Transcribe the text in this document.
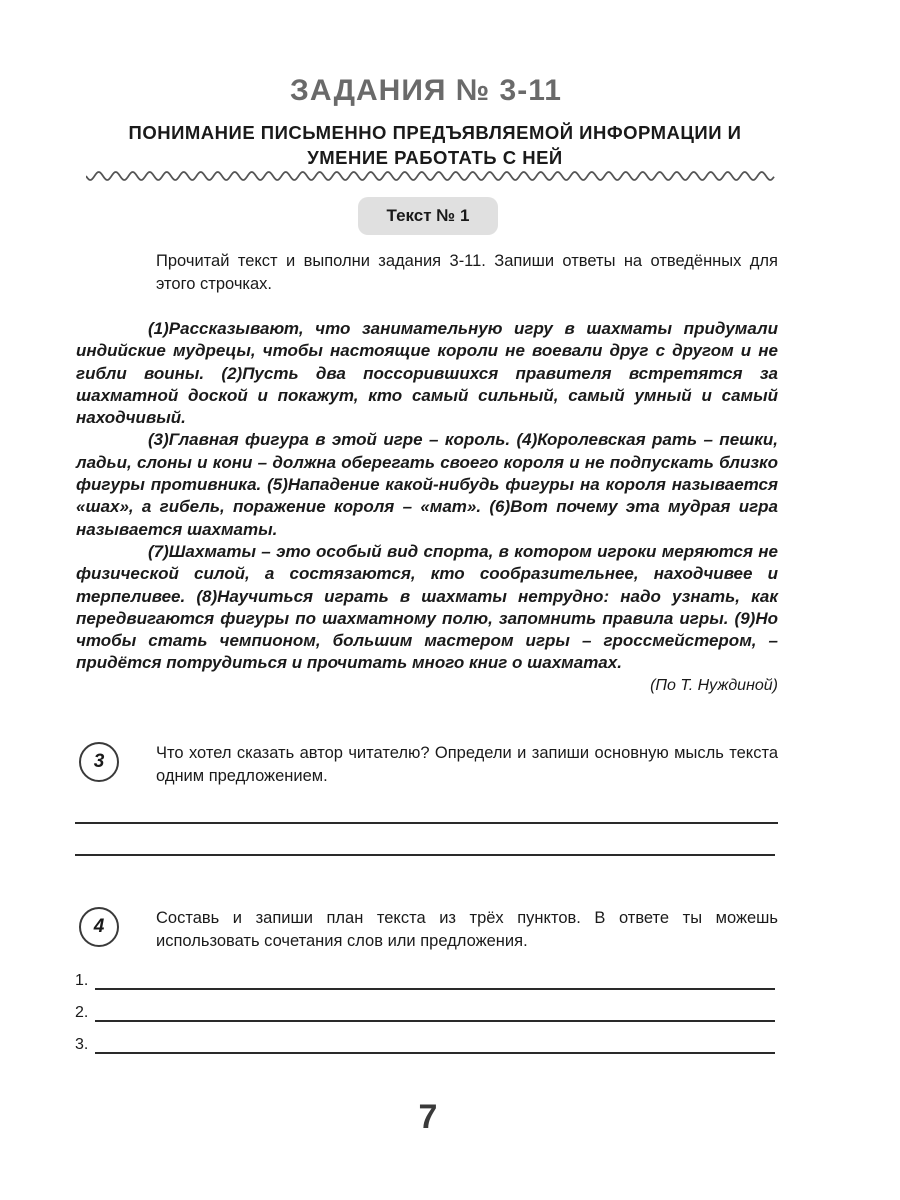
ЗАДАНИЯ № 3-11
ПОНИМАНИЕ ПИСЬМЕННО ПРЕДЪЯВЛЯЕМОЙ ИНФОРМАЦИИ И
УМЕНИЕ РАБОТАТЬ С НЕЙ
Текст № 1

Прочитай текст и выполни задания 3-11. Запиши ответы на отведённых для этого строчках.

(1)Рассказывают, что занимательную игру в шахматы придумали индийские мудрецы, чтобы настоящие короли не воевали друг с другом и не гибли воины. (2)Пусть два поссорившихся правителя встретятся за шахматной доской и покажут, кто самый сильный, самый умный и самый находчивый.

(3)Главная фигура в этой игре – король. (4)Королевская рать – пешки, ладьи, слоны и кони – должна оберегать своего короля и не подпускать близко фигуры противника. (5)Нападение какой-нибудь фигуры на короля называется «шах», а гибель, поражение короля – «мат». (6)Вот почему эта мудрая игра называется шахматы.

(7)Шахматы – это особый вид спорта, в котором игроки меряются не физической силой, а состязаются, кто сообразительнее, находчивее и терпеливее. (8)Научиться играть в шахматы нетрудно: надо узнать, как передвигаются фигуры по шахматному полю, запомнить правила игры. (9)Но чтобы стать чемпионом, большим мастером игры – гроссмейстером, – придётся потрудиться и прочитать много книг о шахматах.

(По Т. Нуждиной)
3	Что хотел сказать автор читателю? Определи и запиши основную мысль текста одним предложением.

4	Составь и запиши план текста из трёх пунктов. В ответе ты можешь использовать сочетания слов или предложения.

1.
2.
3.
7
